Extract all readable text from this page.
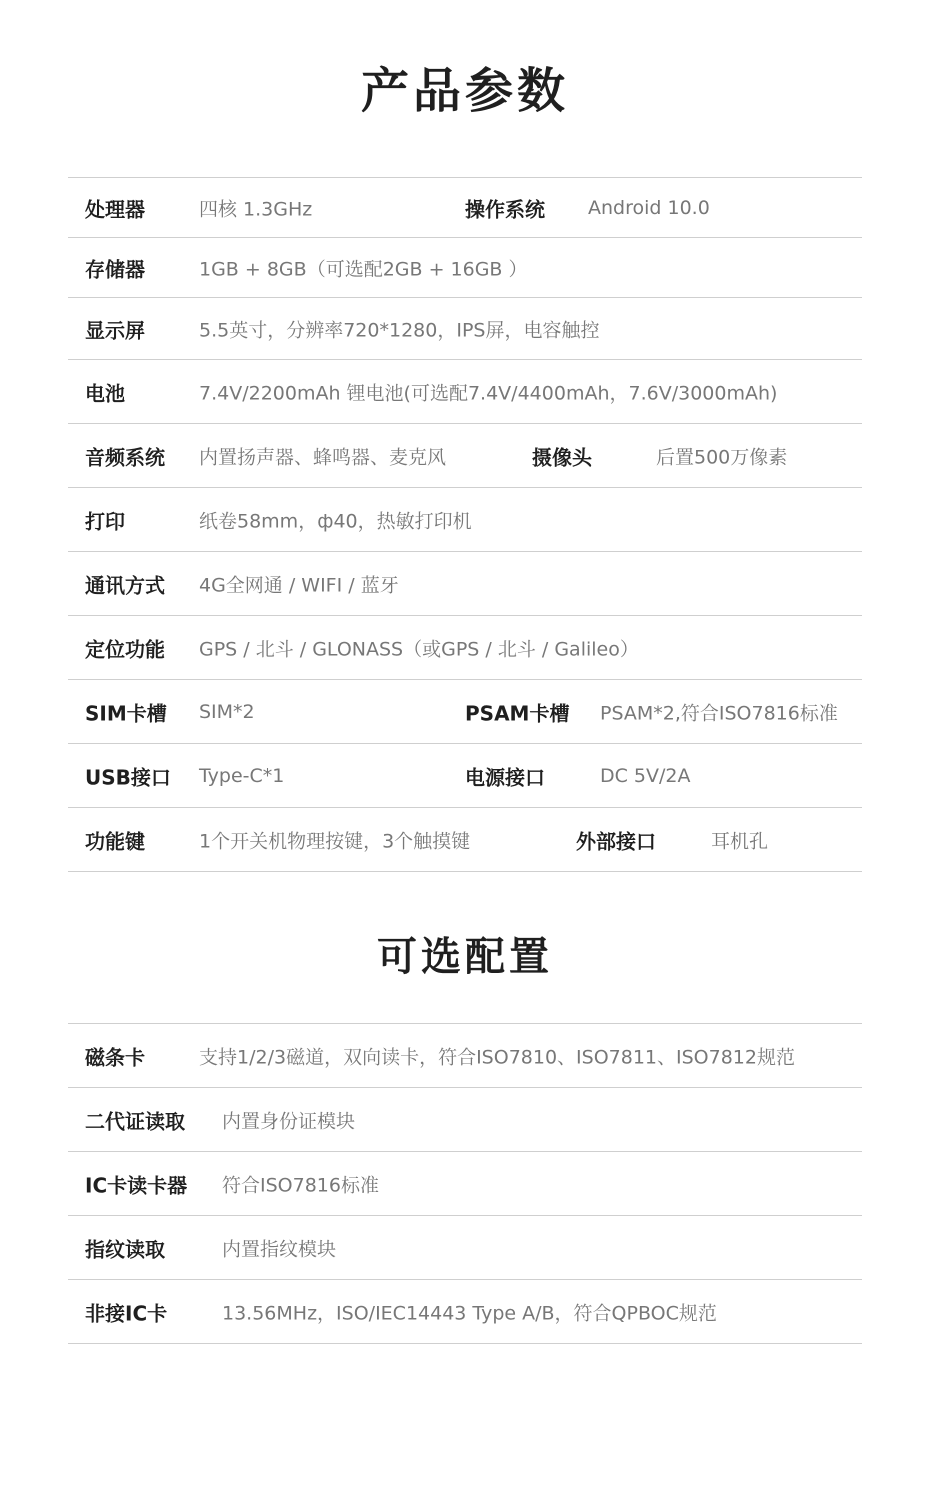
产品参数
处理器	四核 1.3GHz	操作系统 Android 10.0
存储器	1GB + 8GB（可选配2GB + 16GB ）
显示屏	5.5英寸，分辨率720*1280，IPS屏，电容触控
电池	7.4V/2200mAh 锂电池(可选配7.4V/4400mAh，7.6V/3000mAh)
音频系统 内置扬声器、蜂鸣器、麦克风	摄像头	后置500万像素
打印	纸卷58mm，ф40，热敏打印机
通讯方式 4G全网通 / WIFI / 蓝牙
定位功能 GPS / 北斗 / GLONASS（或GPS / 北斗 / Galileo）
SIM卡槽 SIM*2	PSAM卡槽 PSAM*2,符合ISO7816标准
USB接口 Type-C*1	电源接口	DC 5V/2A
功能键	1个开关机物理按键，3个触摸键	外部接口	耳机孔
可选配置
磁条卡	支持1/2/3磁道，双向读卡，符合ISO7810、ISO7811、ISO7812规范
二代证读取 内置身份证模块
IC卡读卡器 符合ISO7816标准
指纹读取	内置指纹模块
非接IC卡	13.56MHz，ISO/IEC14443 Type A/B，符合QPBOC规范
